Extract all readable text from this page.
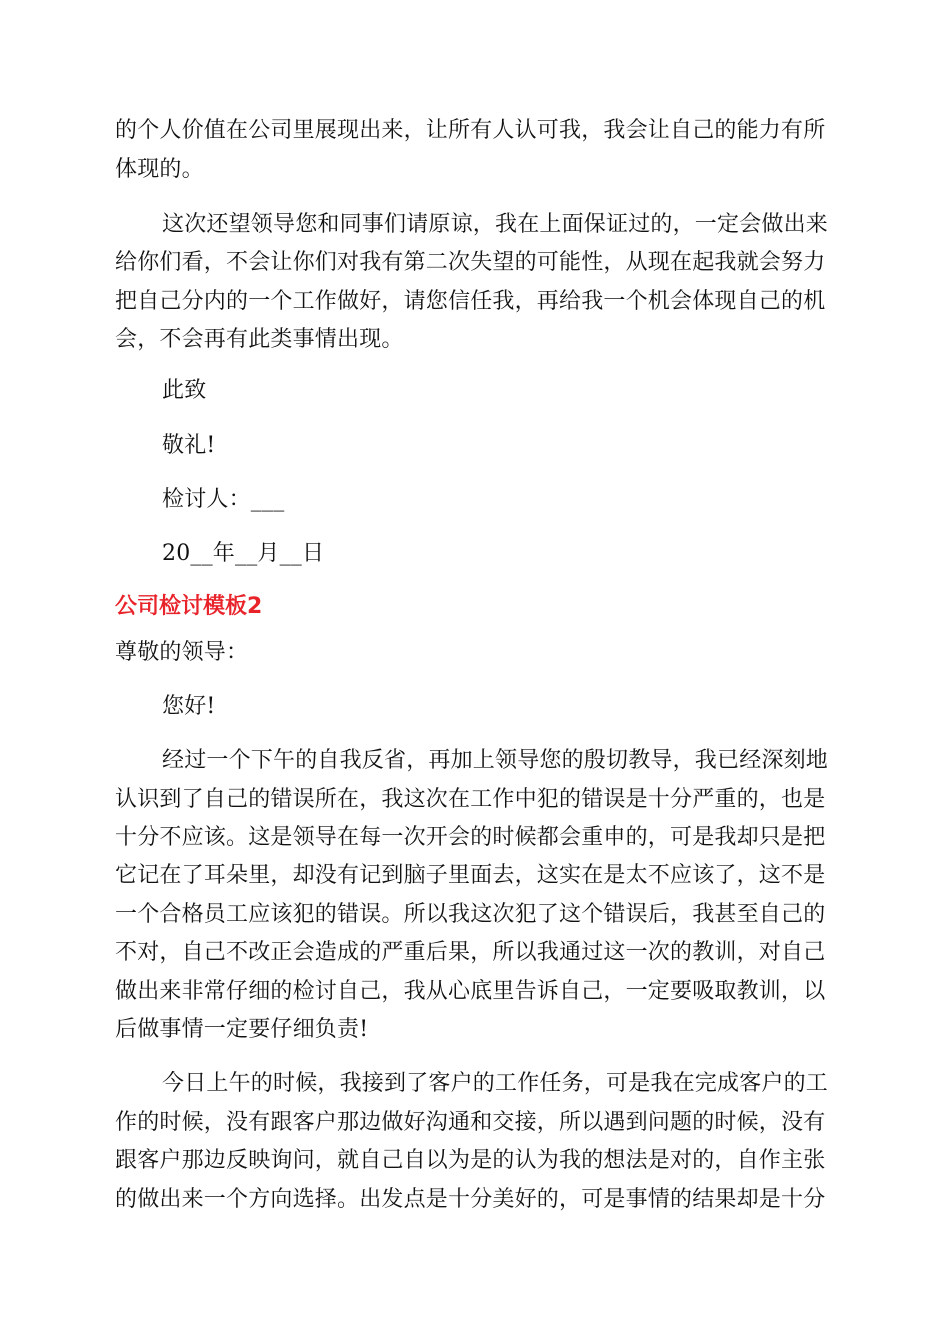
的个人价值在公司里展现出来，让所有人认可我，我会让自己的能力有所
体现的。
这次还望领导您和同事们请原谅，我在上面保证过的，一定会做出来
给你们看，不会让你们对我有第二次失望的可能性，从现在起我就会努力
把自己分内的一个工作做好，请您信任我，再给我一个机会体现自己的机
会，不会再有此类事情出现。
此致
敬礼!
检讨人：___
20__年__月__日
公司检讨模板2
尊敬的领导：
您好!
经过一个下午的自我反省，再加上领导您的殷切教导，我已经深刻地
认识到了自己的错误所在，我这次在工作中犯的错误是十分严重的，也是
十分不应该。这是领导在每一次开会的时候都会重申的，可是我却只是把
它记在了耳朵里，却没有记到脑子里面去，这实在是太不应该了，这不是
一个合格员工应该犯的错误。所以我这次犯了这个错误后，我甚至自己的
不对，自己不改正会造成的严重后果，所以我通过这一次的教训，对自己
做出来非常仔细的检讨自己，我从心底里告诉自己，一定要吸取教训，以
后做事情一定要仔细负责!
今日上午的时候，我接到了客户的工作任务，可是我在完成客户的工
作的时候，没有跟客户那边做好沟通和交接，所以遇到问题的时候，没有
跟客户那边反映询问，就自己自以为是的认为我的想法是对的，自作主张
的做出来一个方向选择。出发点是十分美好的，可是事情的结果却是十分
